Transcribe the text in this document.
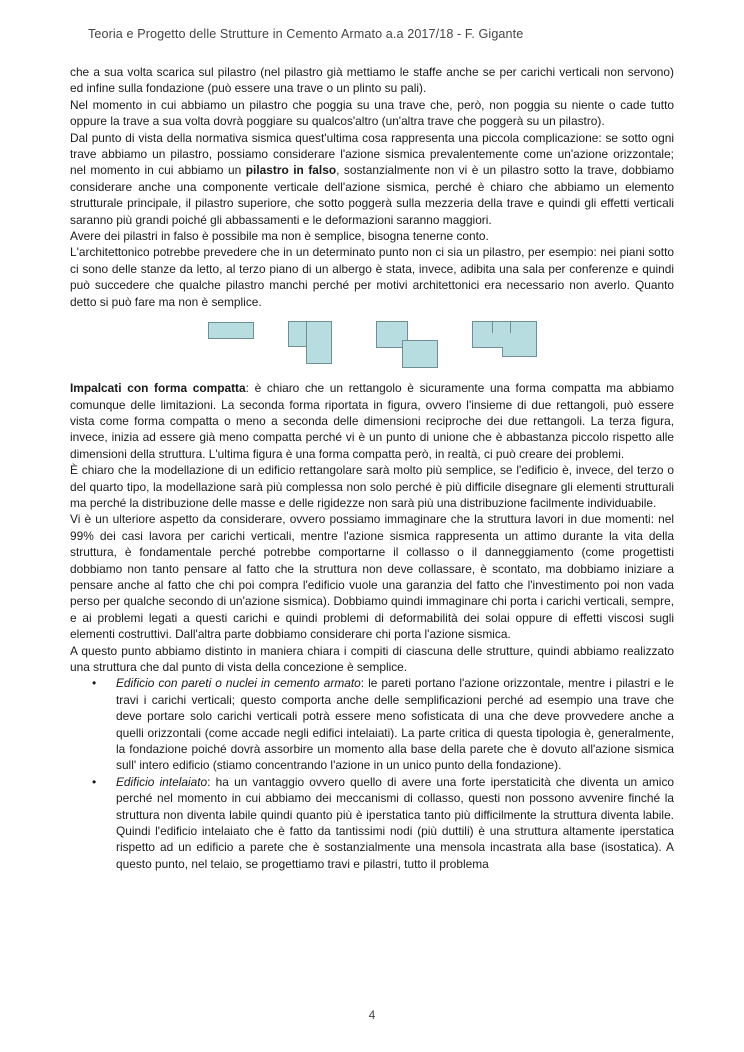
Teoria e Progetto delle Strutture in Cemento Armato a.a 2017/18 - F. Gigante

che a sua volta scarica sul pilastro (nel pilastro già mettiamo le staffe anche se per carichi verticali non servono) ed infine sulla fondazione (può essere una trave o un plinto su pali).

Nel momento in cui abbiamo un pilastro che poggia su una trave che, però, non poggia su niente o cade tutto oppure la trave a sua volta dovrà poggiare su qualcos'altro (un'altra trave che poggerà su un pilastro).

Dal punto di vista della normativa sismica quest'ultima cosa rappresenta una piccola complicazione: se sotto ogni trave abbiamo un pilastro, possiamo considerare l'azione sismica prevalentemente come un'azione orizzontale; nel momento in cui abbiamo un pilastro in falso, sostanzialmente non vi è un pilastro sotto la trave, dobbiamo considerare anche una componente verticale dell'azione sismica, perché è chiaro che abbiamo un elemento strutturale principale, il pilastro superiore, che sotto poggerà sulla mezzeria della trave e quindi gli effetti verticali saranno più grandi poiché gli abbassamenti e le deformazioni saranno maggiori.

Avere dei pilastri in falso è possibile ma non è semplice, bisogna tenerne conto.

L'architettonico potrebbe prevedere che in un determinato punto non ci sia un pilastro, per esempio: nei piani sotto ci sono delle stanze da letto, al terzo piano di un albergo è stata, invece, adibita una sala per conferenze e quindi può succedere che qualche pilastro manchi perché per motivi architettonici era necessario non averlo. Quanto detto si può fare ma non è semplice.

Impalcati con forma compatta: è chiaro che un rettangolo è sicuramente una forma compatta ma abbiamo comunque delle limitazioni. La seconda forma riportata in figura, ovvero l'insieme di due rettangoli, può essere vista come forma compatta o meno a seconda delle dimensioni reciproche dei due rettangoli. La terza figura, invece, inizia ad essere già meno compatta perché vi è un punto di unione che è abbastanza piccolo rispetto alle dimensioni della struttura. L'ultima figura è una forma compatta però, in realtà, ci può creare dei problemi.

È chiaro che la modellazione di un edificio rettangolare sarà molto più semplice, se l'edificio è, invece, del terzo o del quarto tipo, la modellazione sarà più complessa non solo perché è più difficile disegnare gli elementi strutturali ma perché la distribuzione delle masse e delle rigidezze non sarà più una distribuzione facilmente individuabile.

Vi è un ulteriore aspetto da considerare, ovvero possiamo immaginare che la struttura lavori in due momenti: nel 99% dei casi lavora per carichi verticali, mentre l'azione sismica rappresenta un attimo durante la vita della struttura, è fondamentale perché potrebbe comportarne il collasso o il danneggiamento (come progettisti dobbiamo non tanto pensare al fatto che la struttura non deve collassare, è scontato, ma dobbiamo iniziare a pensare anche al fatto che chi poi compra l'edificio vuole una garanzia del fatto che l'investimento poi non vada perso per qualche secondo di un'azione sismica). Dobbiamo quindi immaginare chi porta i carichi verticali, sempre, e ai problemi legati a questi carichi e quindi problemi di deformabilità dei solai oppure di effetti viscosi sugli elementi costruttivi. Dall'altra parte dobbiamo considerare chi porta l'azione sismica.

A questo punto abbiamo distinto in maniera chiara i compiti di ciascuna delle strutture, quindi abbiamo realizzato una struttura che dal punto di vista della concezione è semplice.

• Edificio con pareti o nuclei in cemento armato: le pareti portano l'azione orizzontale, mentre i pilastri e le travi i carichi verticali; questo comporta anche delle semplificazioni perché ad esempio una trave che deve portare solo carichi verticali potrà essere meno sofisticata di una che deve provvedere anche a quelli orizzontali (come accade negli edifici intelaiati). La parte critica di questa tipologia è, generalmente, la fondazione poiché dovrà assorbire un momento alla base della parete che è dovuto all'azione sismica sull' intero edificio (stiamo concentrando l'azione in un unico punto della fondazione).
• Edificio intelaiato: ha un vantaggio ovvero quello di avere una forte iperstaticità che diventa un amico perché nel momento in cui abbiamo dei meccanismi di collasso, questi non possono avvenire finché la struttura non diventa labile quindi quanto più è iperstatica tanto più difficilmente la struttura diventa labile. Quindi l'edificio intelaiato che è fatto da tantissimi nodi (più duttili) è una struttura altamente iperstatica rispetto ad un edificio a parete che è sostanzialmente una mensola incastrata alla base (isostatica). A questo punto, nel telaio, se progettiamo travi e pilastri, tutto il problema
4
